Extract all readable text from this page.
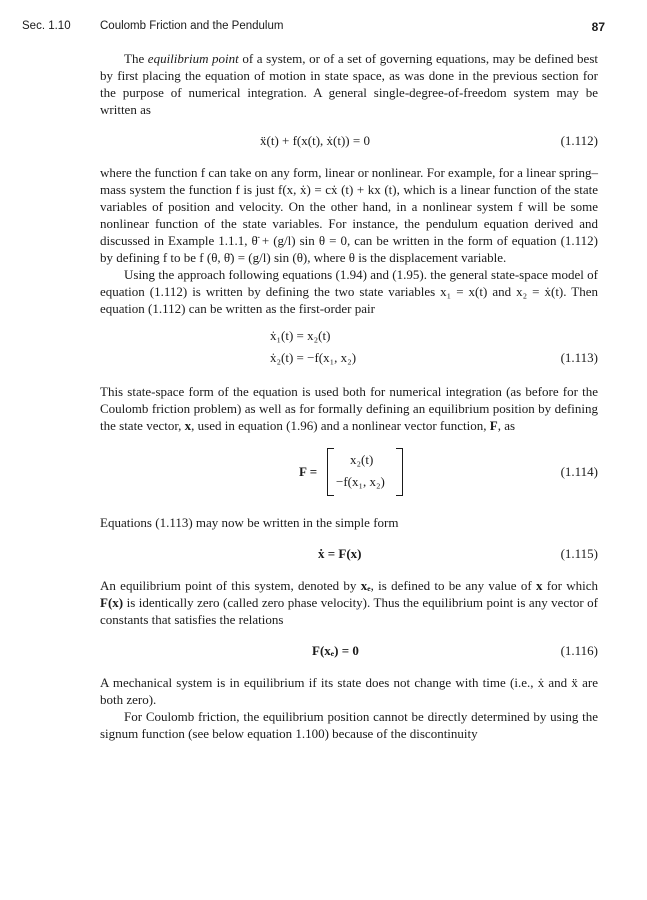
Sec. 1.10	Coulomb Friction and the Pendulum	87

The equilibrium point of a system, or of a set of governing equations, may be defined best by first placing the equation of motion in state space, as was done in the previous section for the purpose of numerical integration. A general single-degree-of-freedom system may be written as

ẍ(t) + f(x(t), ẋ(t)) = 0	(1.112)

where the function f can take on any form, linear or nonlinear. For example, for a linear spring–mass system the function f is just f(x, ẋ) = cẋ (t) + kx (t), which is a linear function of the state variables of position and velocity. On the other hand, in a nonlinear system f will be some nonlinear function of the state variables. For instance, the pendulum equation derived and discussed in Example 1.1.1, θ̈ + (g/l) sin θ = 0, can be written in the form of equation (1.112) by defining f to be f (θ, θ̈) = (g/l) sin (θ), where θ is the displacement variable.

Using the approach following equations (1.94) and (1.95). the general state-space model of equation (1.112) is written by defining the two state variables x₁ = x(t) and x₂ = ẋ(t). Then equation (1.112) can be written as the first-order pair

ẋ₁(t) = x₂(t)
ẋ₂(t) = −f(x₁, x₂)	(1.113)

This state-space form of the equation is used both for numerical integration (as before for the Coulomb friction problem) as well as for formally defining an equilibrium position by defining the state vector, x, used in equation (1.96) and a nonlinear vector function, F, as

F =
x₂(t)
−f(x₁, x₂)
(1.114)

Equations (1.113) may now be written in the simple form

ẋ = F(x)	(1.115)

An equilibrium point of this system, denoted by xₑ, is defined to be any value of x for which F(x) is identically zero (called zero phase velocity). Thus the equilibrium point is any vector of constants that satisfies the relations

F(xₑ) = 0	(1.116)

A mechanical system is in equilibrium if its state does not change with time (i.e., ẋ and ẍ are both zero).

For Coulomb friction, the equilibrium position cannot be directly determined by using the signum function (see below equation 1.100) because of the discontinuity
